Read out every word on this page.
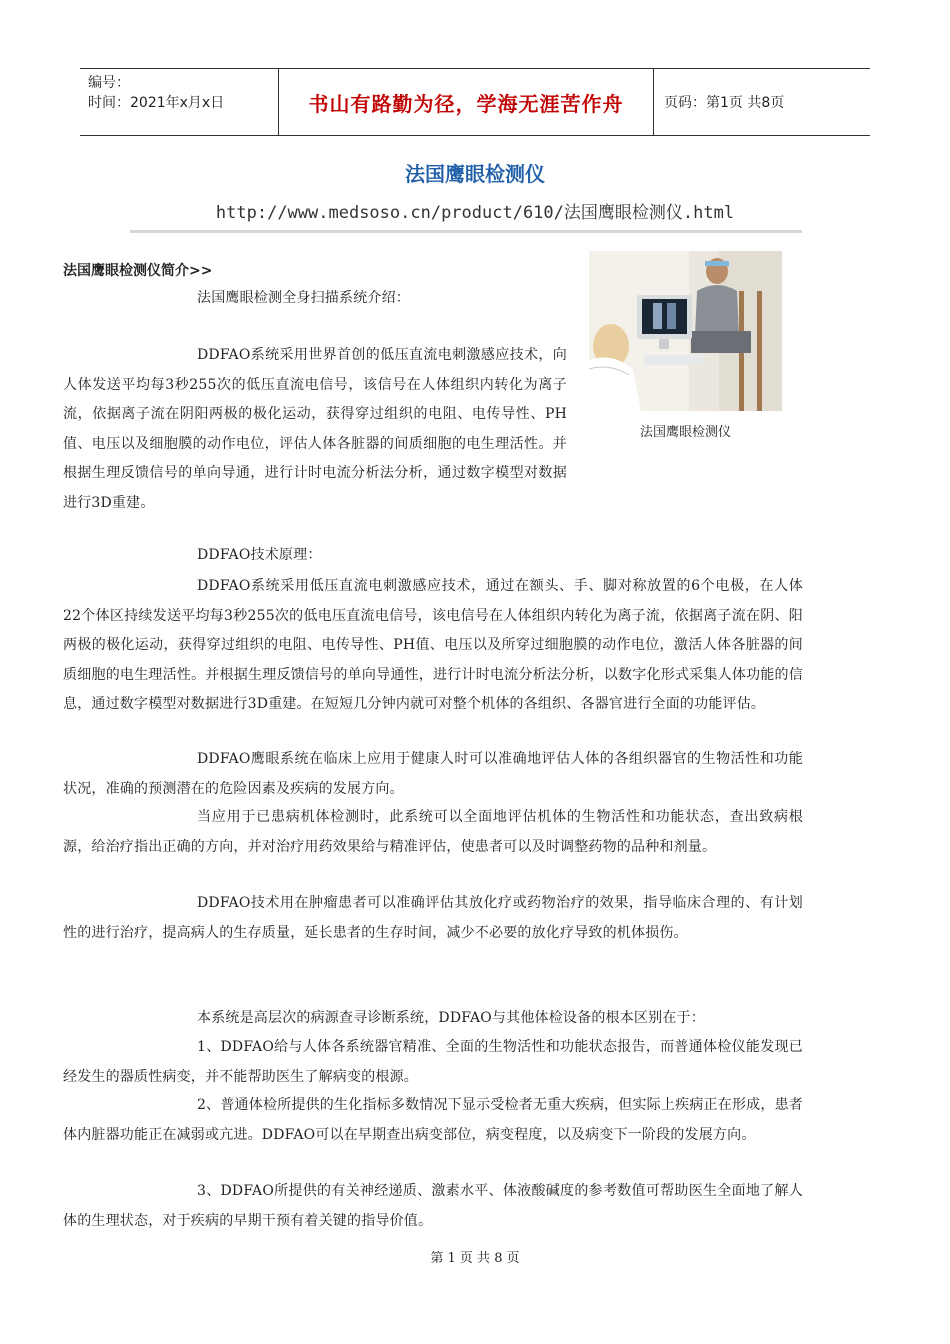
编号：
时间：2021年x月x日	书山有路勤为径，学海无涯苦作舟	页码：第1页 共8页
法国鹰眼检测仪
http://www.medsoso.cn/product/610/法国鹰眼检测仪.html
法国鹰眼检测仪简介>>
法国鹰眼检测仪

法国鹰眼检测全身扫描系统介绍：

DDFAO系统采用世界首创的低压直流电刺激感应技术，向人体发送平均每3秒255次的低压直流电信号，该信号在人体组织内转化为离子流，依据离子流在阴阳两极的极化运动，获得穿过组织的电阻、电传导性、PH值、电压以及细胞膜的动作电位，评估人体各脏器的间质细胞的电生理活性。并根据生理反馈信号的单向导通，进行计时电流分析法分析，通过数字模型对数据进行3D重建。

DDFAO技术原理：

DDFAO系统采用低压直流电刺激感应技术，通过在额头、手、脚对称放置的6个电极，在人体22个体区持续发送平均每3秒255次的低电压直流电信号，该电信号在人体组织内转化为离子流，依据离子流在阴、阳两极的极化运动，获得穿过组织的电阻、电传导性、PH值、电压以及所穿过细胞膜的动作电位，激活人体各脏器的间质细胞的电生理活性。并根据生理反馈信号的单向导通性，进行计时电流分析法分析，以数字化形式采集人体功能的信息，通过数字模型对数据进行3D重建。在短短几分钟内就可对整个机体的各组织、各器官进行全面的功能评估。

DDFAO鹰眼系统在临床上应用于健康人时可以准确地评估人体的各组织器官的生物活性和功能状况，准确的预测潜在的危险因素及疾病的发展方向。

当应用于已患病机体检测时，此系统可以全面地评估机体的生物活性和功能状态，查出致病根源，给治疗指出正确的方向，并对治疗用药效果给与精准评估，使患者可以及时调整药物的品种和剂量。

DDFAO技术用在肿瘤患者可以准确评估其放化疗或药物治疗的效果，指导临床合理的、有计划性的进行治疗，提高病人的生存质量，延长患者的生存时间，减少不必要的放化疗导致的机体损伤。

本系统是高层次的病源查寻诊断系统，DDFAO与其他体检设备的根本区别在于：

1、DDFAO给与人体各系统器官精准、全面的生物活性和功能状态报告，而普通体检仪能发现已经发生的器质性病变，并不能帮助医生了解病变的根源。

2、普通体检所提供的生化指标多数情况下显示受检者无重大疾病，但实际上疾病正在形成，患者体内脏器功能正在减弱或亢进。DDFAO可以在早期查出病变部位，病变程度，以及病变下一阶段的发展方向。

3、DDFAO所提供的有关神经递质、激素水平、体液酸碱度的参考数值可帮助医生全面地了解人体的生理状态，对于疾病的早期干预有着关键的指导价值。

第 1 页 共 8 页
